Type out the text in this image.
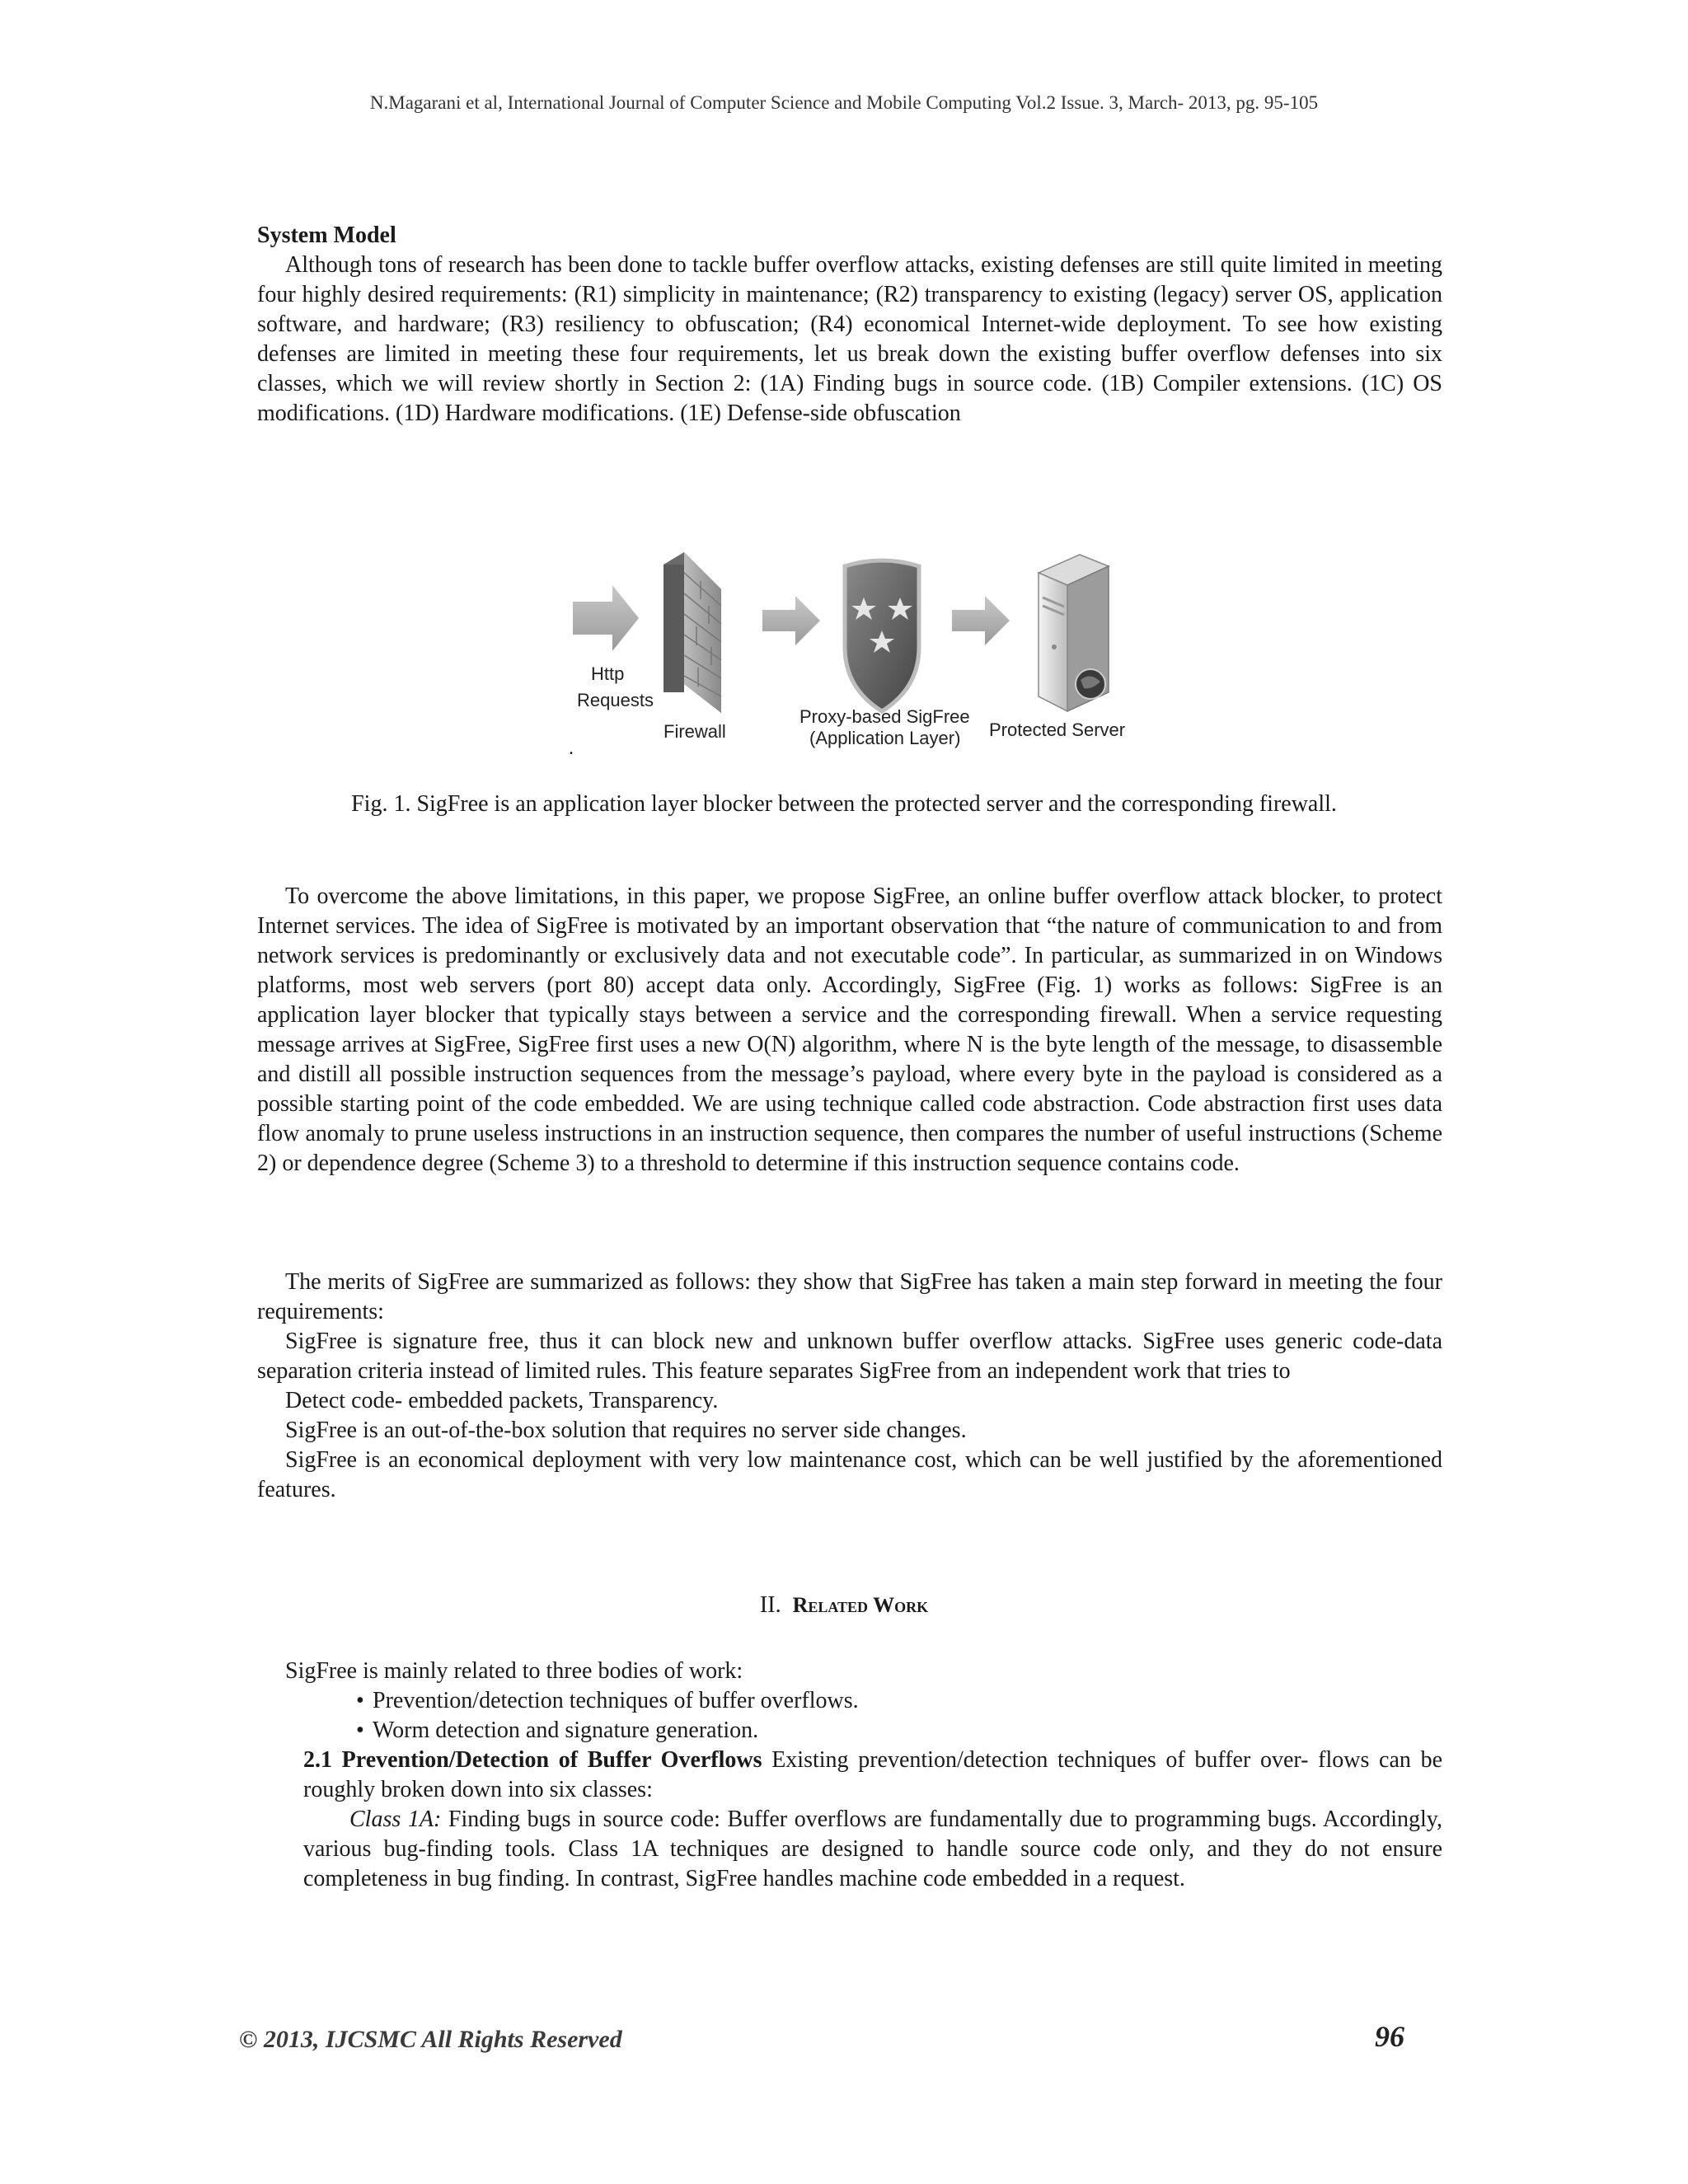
N.Magarani et al, International Journal of Computer Science and Mobile Computing Vol.2 Issue. 3, March- 2013, pg. 95-105

System Model

Although tons of research has been done to tackle buffer overflow attacks, existing defenses are still quite limited in meeting four highly desired requirements: (R1) simplicity in maintenance; (R2) transparency to existing (legacy) server OS, application software, and hardware; (R3) resiliency to obfuscation; (R4) economical Internet-wide deployment. To see how existing defenses are limited in meeting these four requirements, let us break down the existing buffer overflow defenses into six classes, which we will review shortly in Section 2: (1A) Finding bugs in source code. (1B) Compiler extensions. (1C) OS modifications. (1D) Hardware modifications. (1E) Defense-side obfuscation

Http
Requests
Firewall
Proxy-based SigFree
(Application Layer) Protected Server
.
Fig. 1. SigFree is an application layer blocker between the protected server and the corresponding firewall.

To overcome the above limitations, in this paper, we propose SigFree, an online buffer overflow attack blocker, to protect Internet services. The idea of SigFree is motivated by an important observation that “the nature of communication to and from network services is predominantly or exclusively data and not executable code”. In particular, as summarized in on Windows platforms, most web servers (port 80) accept data only. Accordingly, SigFree (Fig. 1) works as follows: SigFree is an application layer blocker that typically stays between a service and the corresponding firewall. When a service requesting message arrives at SigFree, SigFree first uses a new O(N) algorithm, where N is the byte length of the message, to disassemble and distill all possible instruction sequences from the message’s payload, where every byte in the payload is considered as a possible starting point of the code embedded. We are using technique called code abstraction. Code abstraction first uses data flow anomaly to prune useless instructions in an instruction sequence, then compares the number of useful instructions (Scheme 2) or dependence degree (Scheme 3) to a threshold to determine if this instruction sequence contains code.

The merits of SigFree are summarized as follows: they show that SigFree has taken a main step forward in meeting the four requirements:

SigFree is signature free, thus it can block new and unknown buffer overflow attacks. SigFree uses generic code-data separation criteria instead of limited rules. This feature separates SigFree from an independent work that tries to

Detect code- embedded packets, Transparency.

SigFree is an out-of-the-box solution that requires no server side changes.

SigFree is an economical deployment with very low maintenance cost, which can be well justified by the aforementioned features.

II. Related Work

SigFree is mainly related to three bodies of work:

• Prevention/detection techniques of buffer overflows.
• Worm detection and signature generation.

2.1 Prevention/Detection of Buffer Overflows Existing prevention/detection techniques of buffer over- flows can be roughly broken down into six classes:

Class 1A: Finding bugs in source code: Buffer overflows are fundamentally due to programming bugs. Accordingly, various bug-finding tools. Class 1A techniques are designed to handle source code only, and they do not ensure completeness in bug finding. In contrast, SigFree handles machine code embedded in a request.

© 2013, IJCSMC All Rights Reserved	96
